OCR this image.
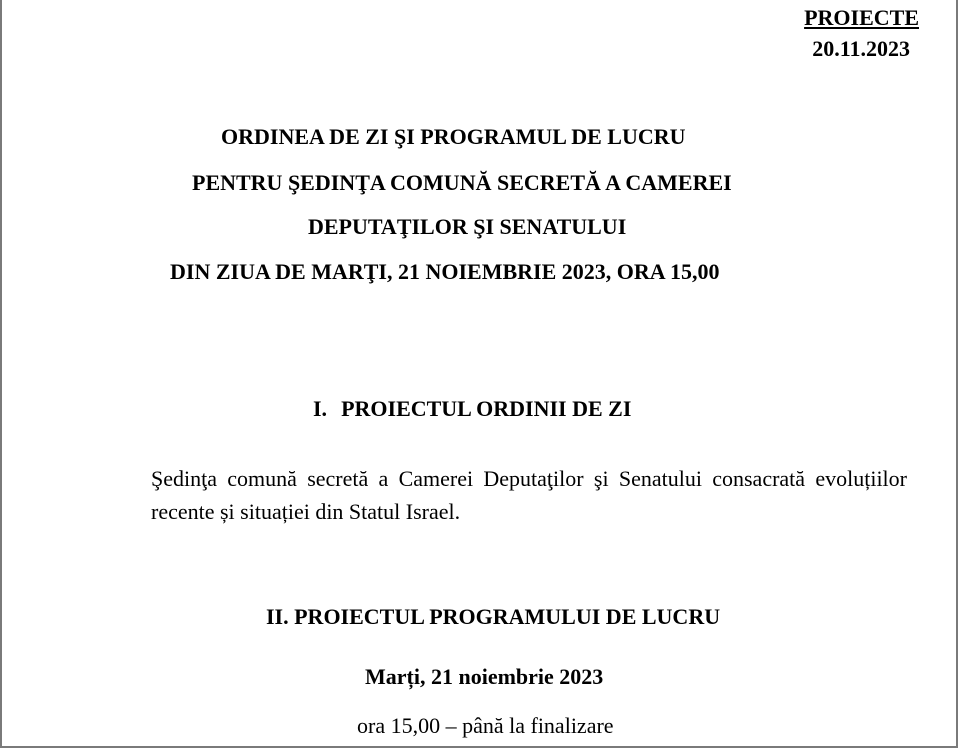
PROIECTE
20.11.2023
ORDINEA DE ZI ŞI PROGRAMUL DE LUCRU
PENTRU ŞEDINŢA COMUNĂ SECRETĂ A CAMEREI
DEPUTAŢILOR ŞI SENATULUI
DIN ZIUA DE MARŢI, 21 NOIEMBRIE 2023, ORA 15,00
I. PROIECTUL ORDINII DE ZI
Şedinţa comună secretă a Camerei Deputaţilor şi Senatului consacrată evoluțiilor recente și situației din Statul Israel.
II. PROIECTUL PROGRAMULUI DE LUCRU
Marți, 21 noiembrie 2023
ora 15,00 – până la finalizare
